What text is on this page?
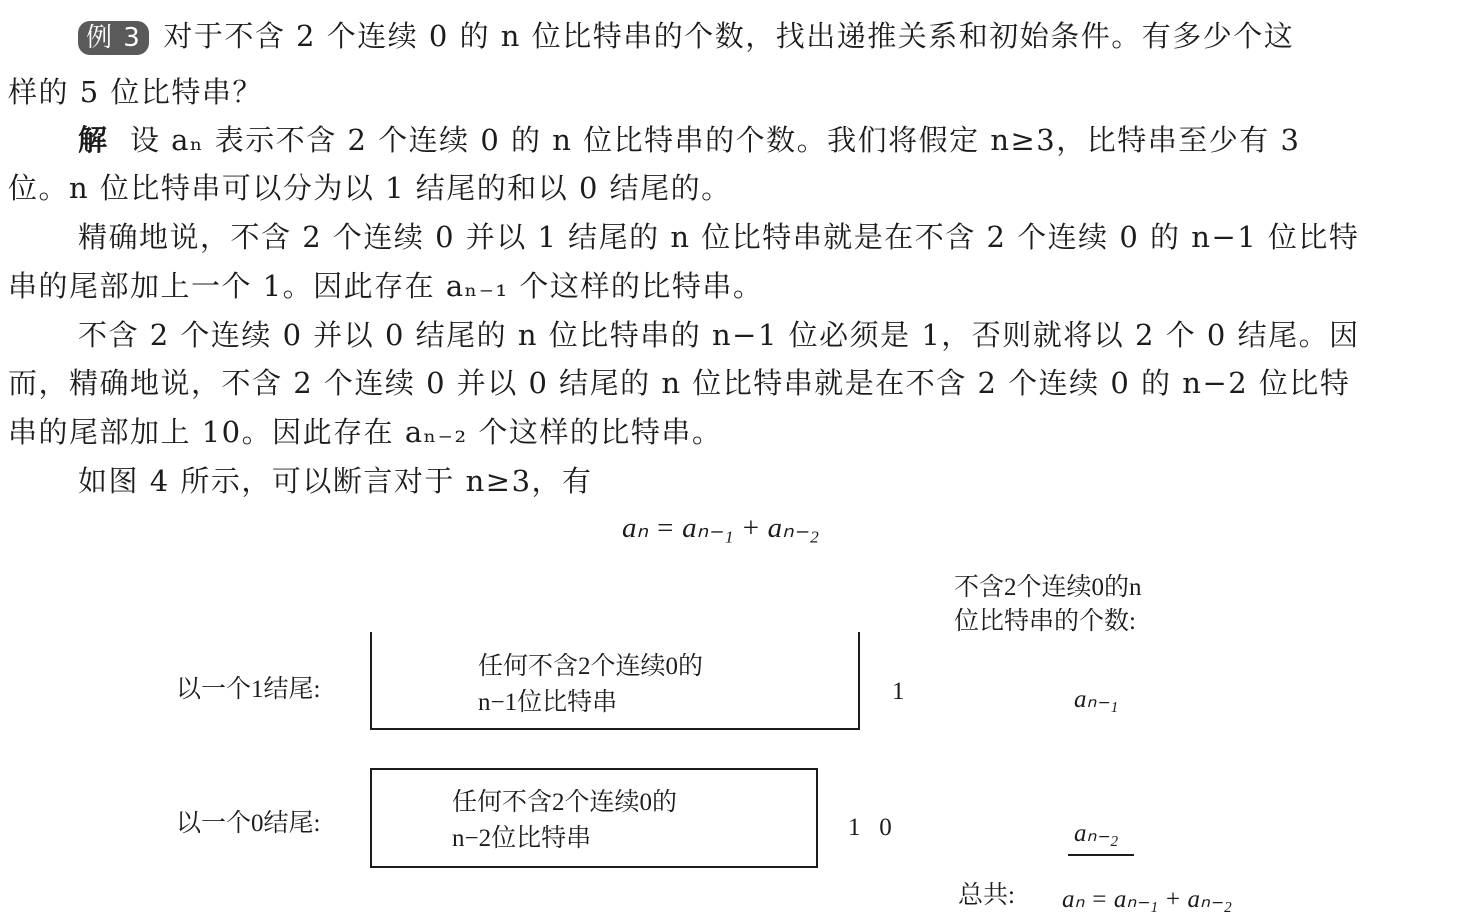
例 3 对于不含 2 个连续 0 的 n 位比特串的个数，找出递推关系和初始条件。有多少个这
样的 5 位比特串？
解 设 aₙ 表示不含 2 个连续 0 的 n 位比特串的个数。我们将假定 n≥3，比特串至少有 3
位。n 位比特串可以分为以 1 结尾的和以 0 结尾的。
精确地说，不含 2 个连续 0 并以 1 结尾的 n 位比特串就是在不含 2 个连续 0 的 n−1 位比特
串的尾部加上一个 1。因此存在 aₙ₋₁ 个这样的比特串。
不含 2 个连续 0 并以 0 结尾的 n 位比特串的 n−1 位必须是 1，否则就将以 2 个 0 结尾。因
而，精确地说，不含 2 个连续 0 并以 0 结尾的 n 位比特串就是在不含 2 个连续 0 的 n−2 位比特
串的尾部加上 10。因此存在 aₙ₋₂ 个这样的比特串。
如图 4 所示，可以断言对于 n≥3，有
aₙ = aₙ₋₁ + aₙ₋₂
不含2个连续0的n
位比特串的个数:
以一个1结尾:
任何不含2个连续0的
n−1位比特串	1	aₙ₋₁
以一个0结尾:
任何不含2个连续0的
n−2位比特串	1   0	aₙ₋₂
总共: aₙ = aₙ₋₁ + aₙ₋₂
